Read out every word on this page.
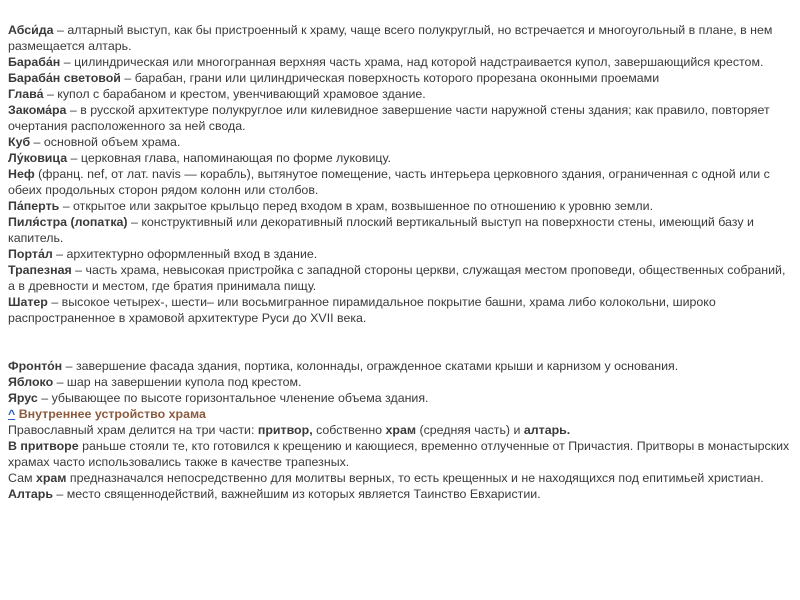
Абси́да – алтарный выступ, как бы пристроенный к храму, чаще всего полукруглый, но встречается и многоугольный в плане, в нем размещается алтарь.

Бараба́н – цилиндрическая или многогранная верхняя часть храма, над которой надстраивается купол, завершающийся крестом.

Бараба́н световой – барабан, грани или цилиндрическая поверхность которого прорезана оконными проемами

Глава́ – купол с барабаном и крестом, увенчивающий храмовое здание.

Закома́ра – в русской архитектуре полукруглое или килевидное завершение части наружной стены здания; как правило, повторяет очертания расположенного за ней свода.

Куб – основной объем храма.

Лу́ковица – церковная глава, напоминающая по форме луковицу.

Неф (франц. nef, от лат. navis — корабль), вытянутое помещение, часть интерьера церковного здания, ограниченная с одной или с обеих продольных сторон рядом колонн или столбов.

Па́перть – открытое или закрытое крыльцо перед входом в храм, возвышенное по отношению к уровню земли.

Пиля́стра (лопатка) – конструктивный или декоративный плоский вертикальный выступ на поверхности стены, имеющий базу и капитель.

Порта́л – архитектурно оформленный вход в здание.

Трапезная – часть храма, невысокая пристройка с западной стороны церкви, служащая местом проповеди, общественных собраний, а в древности и местом, где братия принимала пищу.

Шатер – высокое четырех-, шести– или восьмигранное пирамидальное покрытие башни, храма либо колокольни, широко распространенное в храмовой архитектуре Руси до XVII века.

Фронто́н – завершение фасада здания, портика, колоннады, огражденное скатами крыши и карнизом у основания.

Яблоко – шар на завершении купола под крестом.

Ярус – убывающее по высоте горизонтальное членение объема здания.

^ Внутреннее устройство храма

Православный храм делится на три части: притвор, собственно храм (средняя часть) и алтарь.

В притворе раньше стояли те, кто готовился к крещению и кающиеся, временно отлученные от Причастия. Притворы в монастырских храмах часто использовались также в качестве трапезных.

Сам храм предназначался непосредственно для молитвы верных, то есть крещенных и не находящихся под епитимьей христиан.

Алтарь – место священнодействий, важнейшим из которых является Таинство Евхаристии.
